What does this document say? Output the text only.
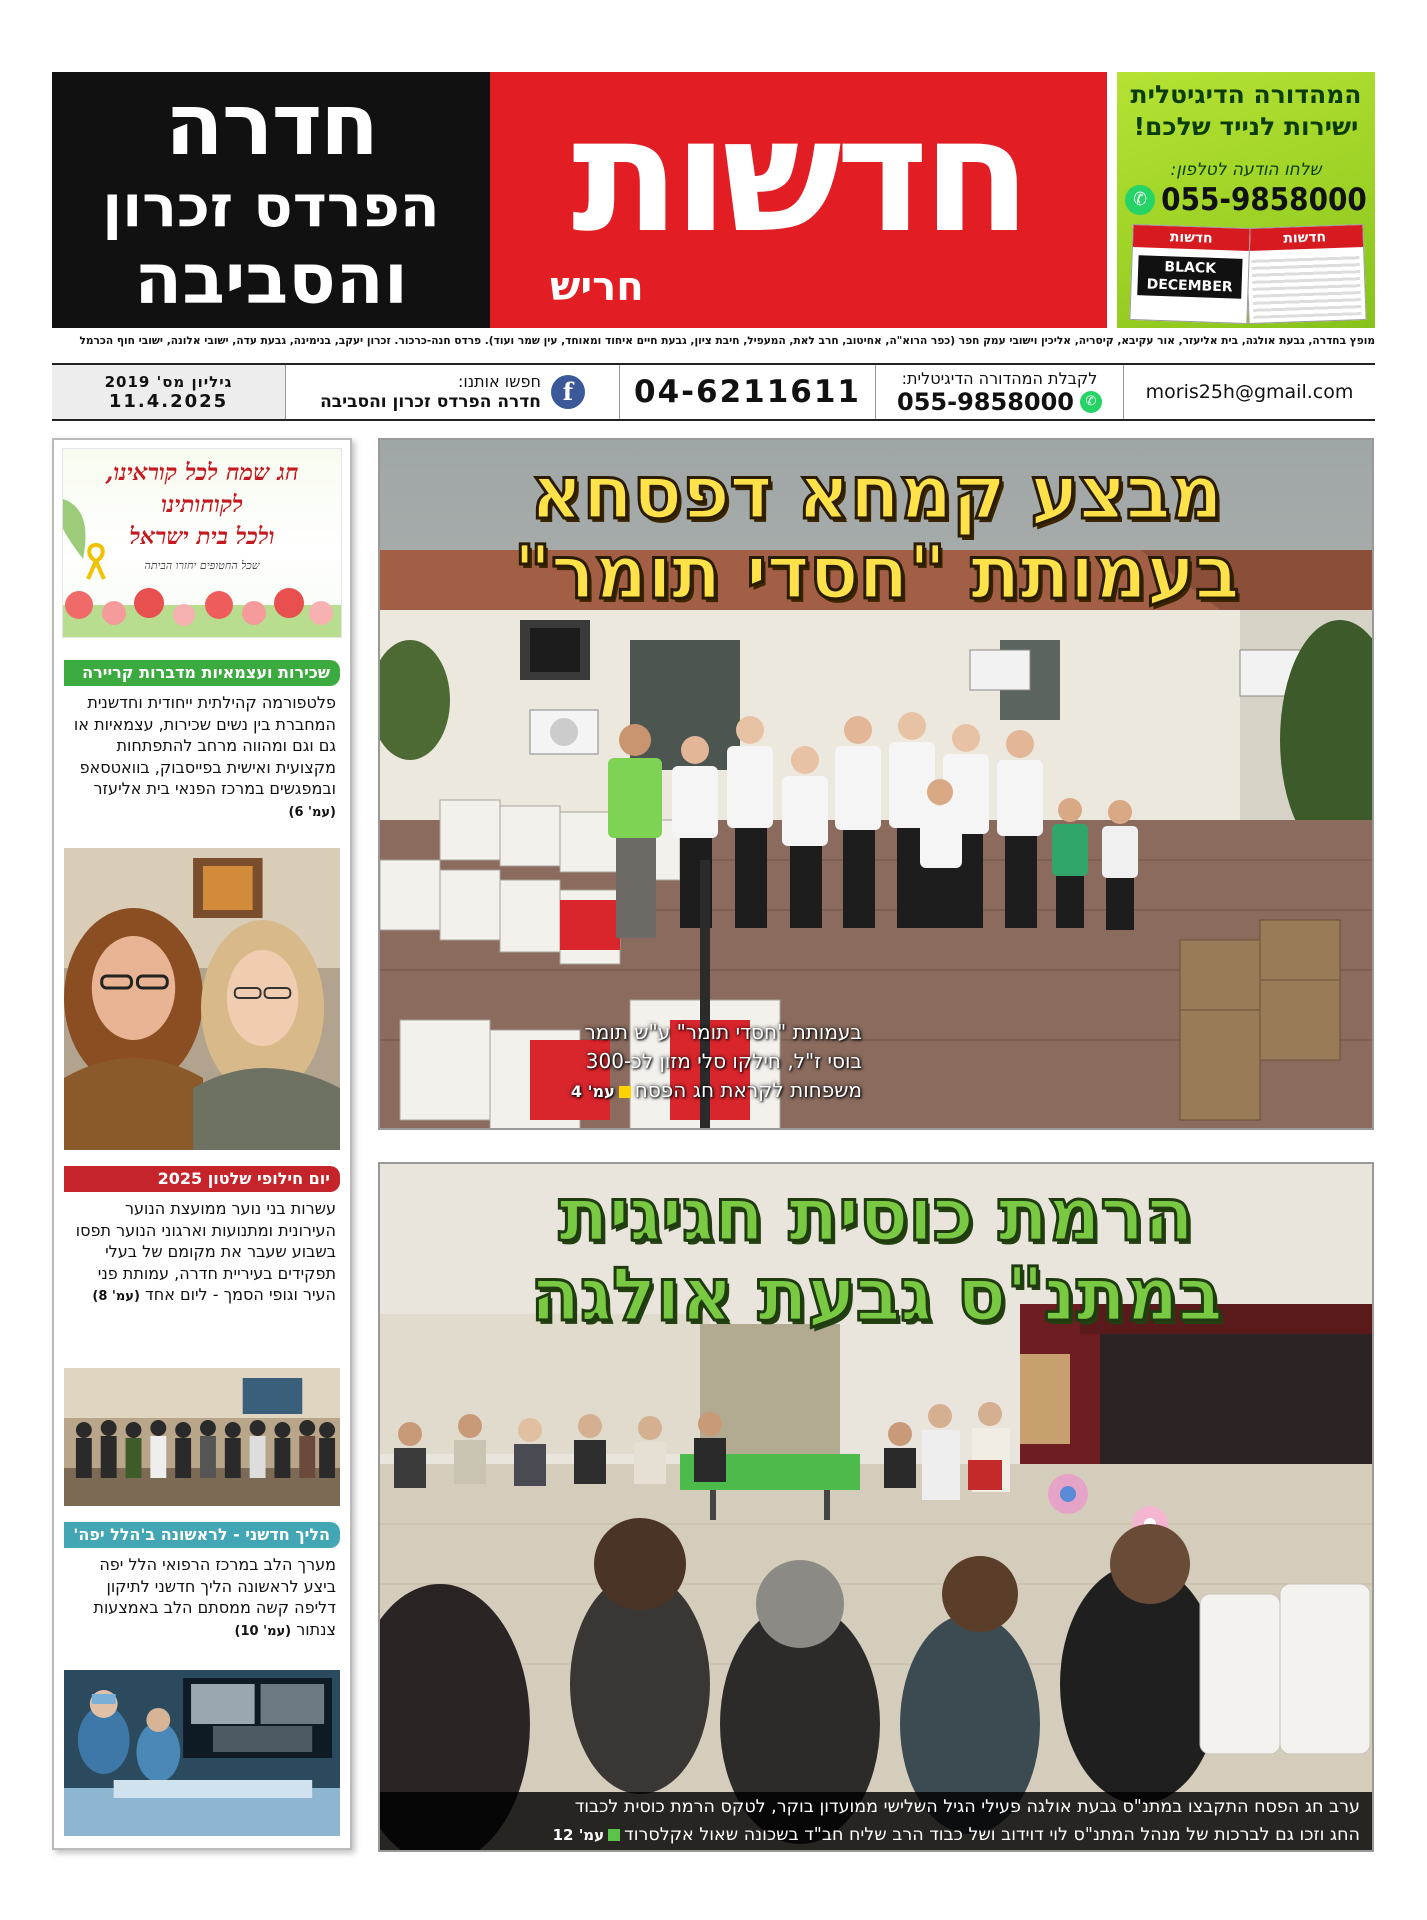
המהדורה הדיגיטלית
ישירות לנייד שלכם!
שלחו הודעה לטלפון:
✆ 055-9858000
חדשות
חדשות
BLACK DECEMBER
חדשות
חריש
חדרה
הפרדס זכרון
והסביבה
מופץ בחדרה, גבעת אולגה, בית אליעזר, אור עקיבא, קיסריה, אליכין וישובי עמק חפר (כפר הרוא"ה, אחיטוב, חרב לאת, המעפיל, חיבת ציון, גבעת חיים איחוד ומאוחד, עין שמר ועוד). פרדס חנה-כרכור. זכרון יעקב, בנימינה, גבעת עדה, ישובי אלונה, ישובי חוף הכרמל
moris25h@gmail.com
לקבלת המהדורה הדיגיטלית:
055-9858000 ✆
04-6211611
f
חפשו אותנו:
חדרה הפרדס זכרון והסביבה
גיליון מס' 2019
11.4.2025
חג שמח לכל קוראינו,
לקוחותינו
ולכל בית ישראל
שכל החטופים יחזרו הביתה
שכירות ועצמאיות מדברות קריירה
פלטפורמה קהילתית ייחודית וחדשנית המחברת בין נשים שכירות, עצמאיות או גם וגם ומהווה מרחב להתפתחות מקצועית ואישית בפייסבוק, בוואטסאפ ובמפגשים במרכז הפנאי בית אליעזר (עמ' 6)
יום חילופי שלטון 2025
עשרות בני נוער ממועצת הנוער העירונית ומתנועות וארגוני הנוער תפסו בשבוע שעבר את מקומם של בעלי תפקידים בעיריית חדרה, עמותת פני העיר וגופי הסמך - ליום אחד (עמ' 8)
הליך חדשני - לראשונה ב'הלל יפה'
מערך הלב במרכז הרפואי הלל יפה ביצע לראשונה הליך חדשני לתיקון דליפה קשה ממסתם הלב באמצעות צנתור (עמ' 10)
מבצע קמחא דפסחא
בעמותת "חסדי תומר"
בעמותת "חסדי תומר" ע"ש תומר
בוסי ז"ל, חילקו סלי מזון לכ-300
משפחות לקראת חג הפסחעמ' 4
הרמת כוסית חגיגית
במתנ"ס גבעת אולגה
ערב חג הפסח התקבצו במתנ"ס גבעת אולגה פעילי הגיל השלישי ממועדון בוקר, לטקס הרמת כוסית לכבוד
החג וזכו גם לברכות של מנהל המתנ"ס לוי דוידוב ושל כבוד הרב שליח חב"ד בשכונה שאול אקלסרודעמ' 12
